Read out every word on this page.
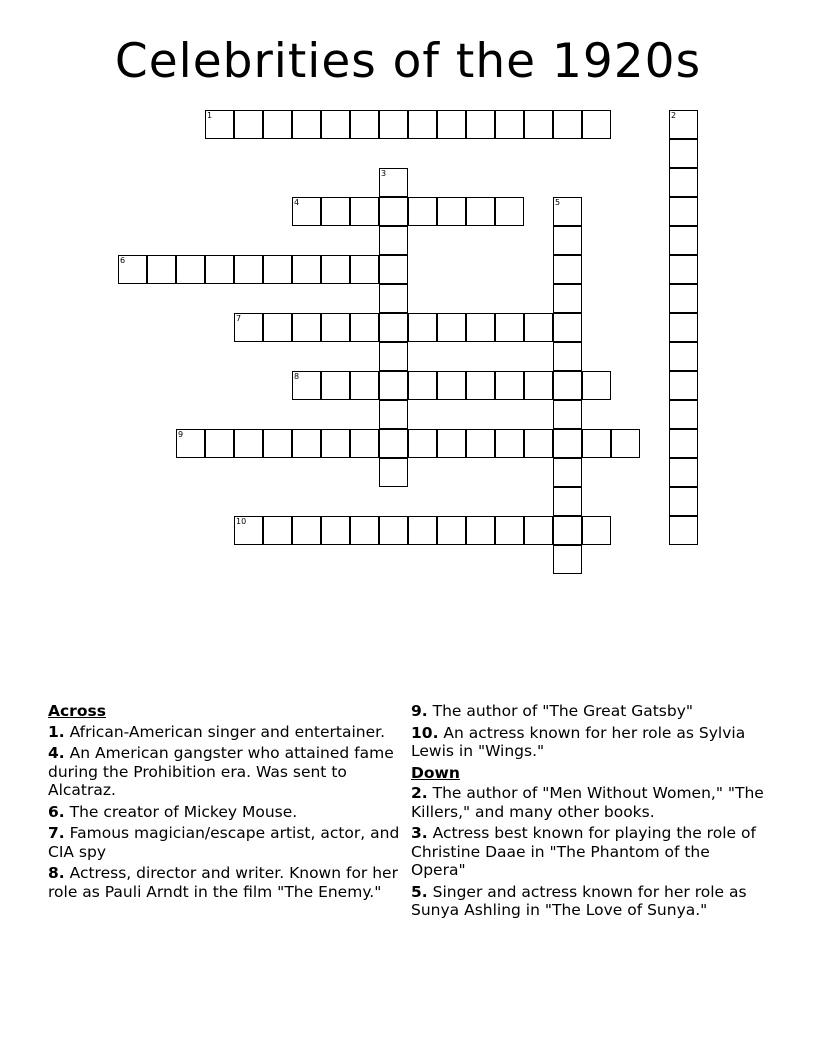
Celebrities of the 1920s
1	2
3
4	5
6
7
8
9
10
Across
1. African-American singer and entertainer.
4. An American gangster who attained fame during the Prohibition era. Was sent to Alcatraz.
6. The creator of Mickey Mouse.
7. Famous magician/escape artist, actor, and CIA spy
8. Actress, director and writer. Known for her role as Pauli Arndt in the film "The Enemy."
9. The author of "The Great Gatsby"
10. An actress known for her role as Sylvia Lewis in "Wings."
Down
2. The author of "Men Without Women," "The Killers," and many other books.
3. Actress best known for playing the role of Christine Daae in "The Phantom of the Opera"
5. Singer and actress known for her role as Sunya Ashling in "The Love of Sunya."
